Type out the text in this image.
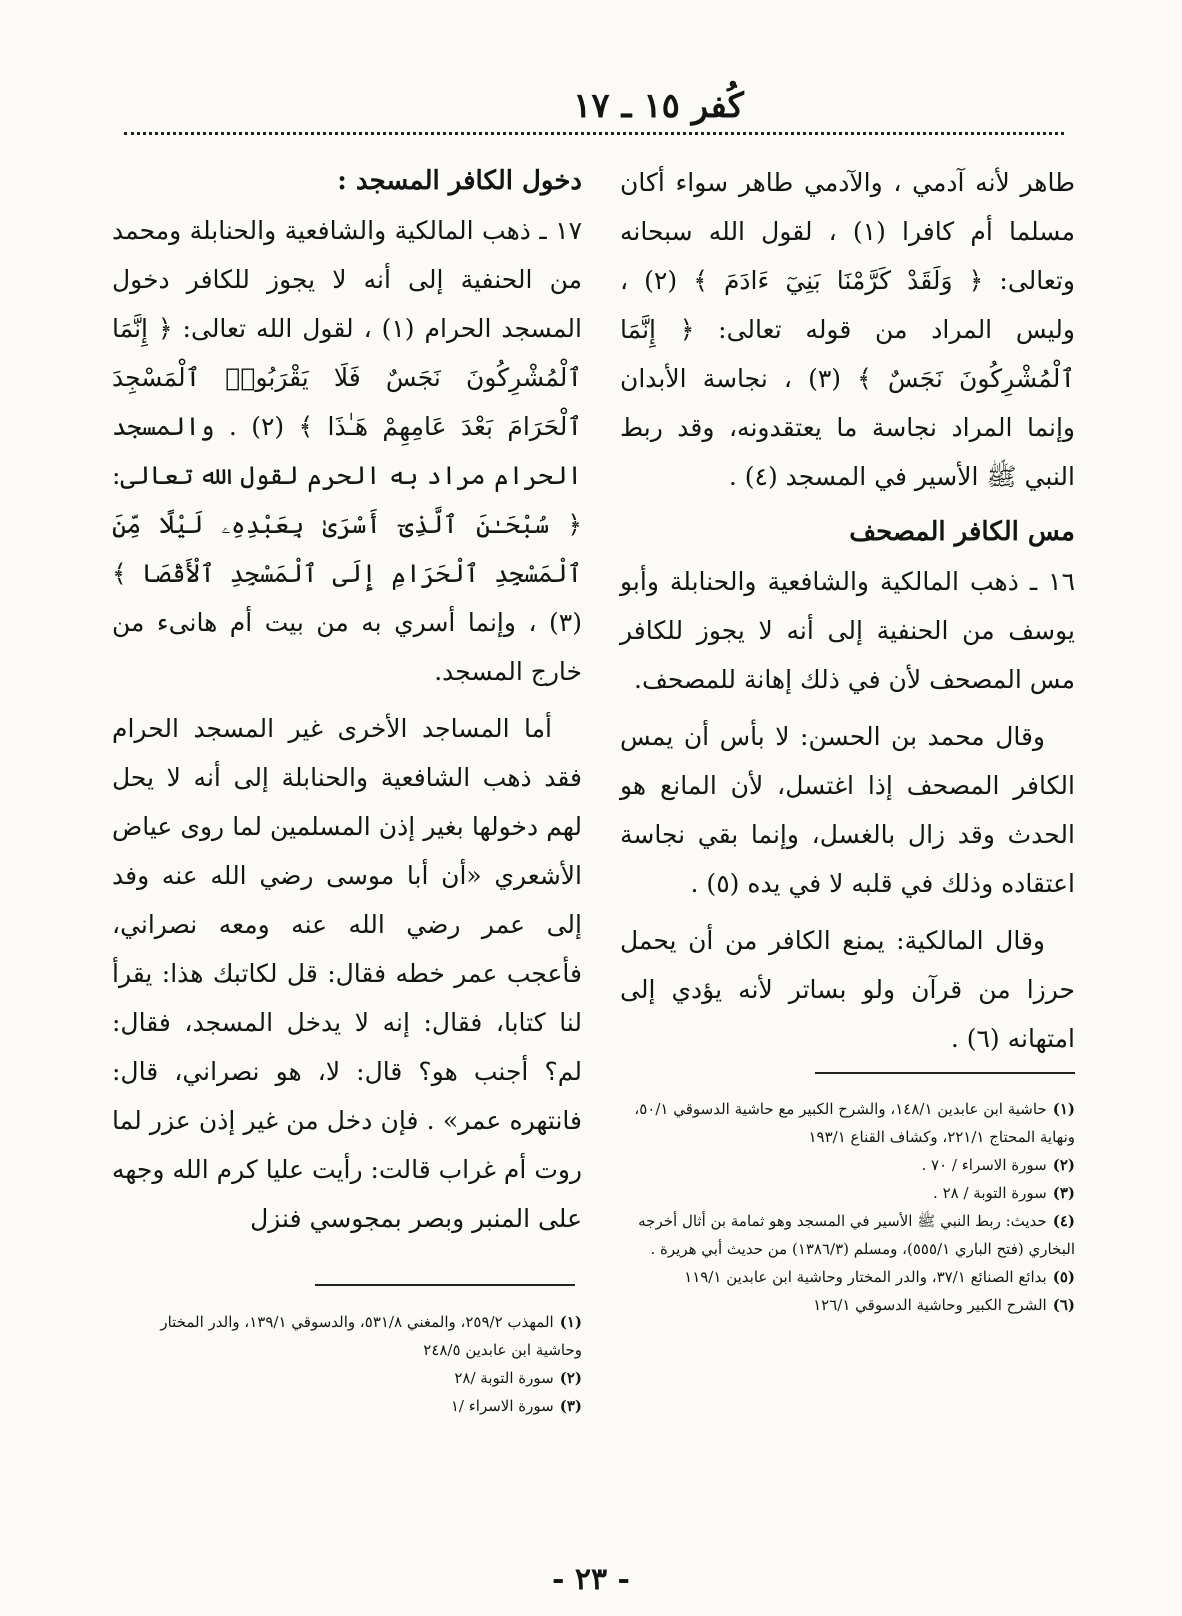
كُفر ١٥ ـ ١٧

طاهر لأنه آدمي ، والآدمي طاهر سواء أكان مسلما أم كافرا (١) ، لقول الله سبحانه وتعالى: ﴿ وَلَقَدْ كَرَّمْنَا بَنِيٓ ءَادَمَ ﴾ (٢) ، وليس المراد من قوله تعالى: ﴿ إِنَّمَا ٱلْمُشْرِكُونَ نَجَسٌ ﴾ (٣) ، نجاسة الأبدان وإنما المراد نجاسة ما يعتقدونه، وقد ربط النبي ﷺ الأسير في المسجد (٤) .

مس الكافر المصحف

١٦ ـ ذهب المالكية والشافعية والحنابلة وأبو يوسف من الحنفية إلى أنه لا يجوز للكافر مس المصحف لأن في ذلك إهانة للمصحف.

وقال محمد بن الحسن: لا بأس أن يمس الكافر المصحف إذا اغتسل، لأن المانع هو الحدث وقد زال بالغسل، وإنما بقي نجاسة اعتقاده وذلك في قلبه لا في يده (٥) .

وقال المالكية: يمنع الكافر من أن يحمل حرزا من قرآن ولو بساتر لأنه يؤدي إلى امتهانه (٦) .

دخول الكافر المسجد :

١٧ ـ ذهب المالكية والشافعية والحنابلة ومحمد من الحنفية إلى أنه لا يجوز للكافر دخول المسجد الحرام (١) ، لقول الله تعالى: ﴿ إِنَّمَا ٱلْمُشْرِكُونَ نَجَسٌ فَلَا يَقْرَبُوا۟ ٱلْمَسْجِدَ ٱلْحَرَامَ بَعْدَ عَامِهِمْ هَـٰذَا ﴾ (٢) . والمسجد الحرام مراد به الحرم لقول الله تعالى: ﴿ سُبْحَـٰنَ ٱلَّذِىٓ أَسْرَىٰ بِعَبْدِهِۦ لَيْلًا مِّنَ ٱلْمَسْجِدِ ٱلْحَرَامِ إِلَى ٱلْمَسْجِدِ ٱلْأَقْصَا ﴾ (٣) ، وإنما أسري به من بيت أم هانىء من خارج المسجد.

أما المساجد الأخرى غير المسجد الحرام فقد ذهب الشافعية والحنابلة إلى أنه لا يحل لهم دخولها بغير إذن المسلمين لما روى عياض الأشعري «أن أبا موسى رضي الله عنه وفد إلى عمر رضي الله عنه ومعه نصراني، فأعجب عمر خطه فقال: قل لكاتبك هذا: يقرأ لنا كتابا، فقال: إنه لا يدخل المسجد، فقال: لم؟ أجنب هو؟ قال: لا، هو نصراني، قال: فانتهره عمر» . فإن دخل من غير إذن عزر لما روت أم غراب قالت: رأيت عليا كرم الله وجهه على المنبر وبصر بمجوسي فنزل

(١)حاشية ابن عابدين ١٤٨/١، والشرح الكبير مع حاشية الدسوقي ٥٠/١، ونهاية المحتاج ٢٢١/١، وكشاف القناع ١٩٣/١
(٢)سورة الاسراء / ٧٠ .
(٣)سورة التوبة / ٢٨ .
(٤)حديث: ربط النبي ﷺ الأسير في المسجد وهو ثمامة بن أثال أخرجه البخاري (فتح الباري ٥٥٥/١)، ومسلم (١٣٨٦/٣) من حديث أبي هريرة .
(٥)بدائع الصنائع ٣٧/١، والدر المختار وحاشية ابن عابدين ١١٩/١
(٦)الشرح الكبير وحاشية الدسوقي ١٢٦/١
(١)المهذب ٢٥٩/٢، والمغني ٥٣١/٨، والدسوقي ١٣٩/١، والدر المختار وحاشية ابن عابدين ٢٤٨/٥
(٢)سورة التوبة /٢٨
(٣)سورة الاسراء /١
- ٢٣ -
